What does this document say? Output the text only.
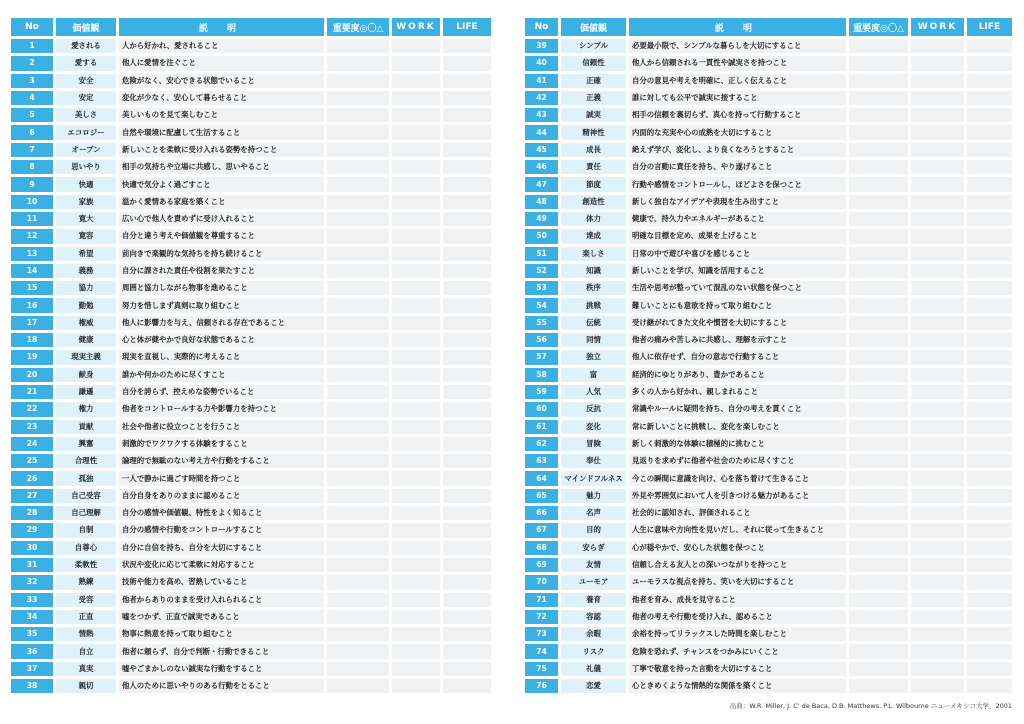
No	価値観	説 明	重要度◎〇△	WORK	LIFE
1	愛される	人から好かれ、愛されること			
2	愛する	他人に愛情を注ぐこと			
3	安全	危険がなく、安心できる状態でいること			
4	安定	変化が少なく、安心して暮らせること			
5	美しさ	美しいものを見て楽しむこと			
6	エコロジー	自然や環境に配慮して生活すること			
7	オープン	新しいことを柔軟に受け入れる姿勢を持つこと			
8	思いやり	相手の気持ちや立場に共感し、思いやること			
9	快適	快適で気分よく過ごすこと			
10	家族	温かく愛情ある家庭を築くこと			
11	寛大	広い心で他人を責めずに受け入れること			
12	寛容	自分と違う考えや価値観を尊重すること			
13	希望	前向きで楽観的な気持ちを持ち続けること			
14	義務	自分に課された責任や役割を果たすこと			
15	協力	周囲と協力しながら物事を進めること			
16	勤勉	努力を惜しまず真剣に取り組むこと			
17	権威	他人に影響力を与え、信頼される存在であること			
18	健康	心と体が健やかで良好な状態であること			
19	現実主義	現実を直視し、実際的に考えること			
20	献身	誰かや何かのために尽くすこと			
21	謙遜	自分を誇らず、控えめな姿勢でいること			
22	権力	他者をコントロールする力や影響力を持つこと			
23	貢献	社会や他者に役立つことを行うこと			
24	興奮	刺激的でワクワクする体験をすること			
25	合理性	論理的で無駄のない考え方や行動をすること			
26	孤独	一人で静かに過ごす時間を持つこと			
27	自己受容	自分自身をありのままに認めること			
28	自己理解	自分の感情や価値観、特性をよく知ること			
29	自制	自分の感情や行動をコントロールすること			
30	自尊心	自分に自信を持ち、自分を大切にすること			
31	柔軟性	状況や変化に応じて柔軟に対応すること			
32	熟練	技術や能力を高め、習熟していること			
33	受容	他者からありのままを受け入れられること			
34	正直	嘘をつかず、正直で誠実であること			
35	情熱	物事に熱意を持って取り組むこと			
36	自立	他者に頼らず、自分で判断・行動できること			
37	真実	嘘やごまかしのない誠実な行動をすること			
38	親切	他人のために思いやりのある行動をとること			
No	価値観	説 明	重要度◎〇△	WORK	LIFE
39	シンプル	必要最小限で、シンプルな暮らしを大切にすること			
40	信頼性	他人から信頼される一貫性や誠実さを持つこと			
41	正確	自分の意見や考えを明確に、正しく伝えること			
42	正義	誰に対しても公平で誠実に接すること			
43	誠実	相手の信頼を裏切らず、真心を持って行動すること			
44	精神性	内面的な充実や心の成熟を大切にすること			
45	成長	絶えず学び、変化し、より良くなろうとすること			
46	責任	自分の言動に責任を持ち、やり遂げること			
47	節度	行動や感情をコントロールし、ほどよさを保つこと			
48	創造性	新しく独自なアイデアや表現を生み出すこと			
49	体力	健康で、持久力やエネルギーがあること			
50	達成	明確な目標を定め、成果を上げること			
51	楽しさ	日常の中で遊びや喜びを感じること			
52	知識	新しいことを学び、知識を活用すること			
53	秩序	生活や思考が整っていて混乱のない状態を保つこと			
54	挑戦	難しいことにも意欲を持って取り組むこと			
55	伝統	受け継がれてきた文化や慣習を大切にすること			
56	同情	他者の痛みや苦しみに共感し、理解を示すこと			
57	独立	他人に依存せず、自分の意志で行動すること			
58	富	経済的にゆとりがあり、豊かであること			
59	人気	多くの人から好かれ、親しまれること			
60	反抗	常識やルールに疑問を持ち、自分の考えを貫くこと			
61	変化	常に新しいことに挑戦し、変化を楽しむこと			
62	冒険	新しく刺激的な体験に積極的に挑むこと			
63	奉仕	見返りを求めずに他者や社会のために尽くすこと			
64	マインドフルネス	今この瞬間に意識を向け、心を落ち着けて生きること			
65	魅力	外見や雰囲気において人を引きつける魅力があること			
66	名声	社会的に認知され、評価されること			
67	目的	人生に意味や方向性を見いだし、それに従って生きること			
68	安らぎ	心が穏やかで、安心した状態を保つこと			
69	友情	信頼し合える友人との深いつながりを持つこと			
70	ユーモア	ユーモラスな視点を持ち、笑いを大切にすること			
71	養育	他者を育み、成長を見守ること			
72	容認	他者の考えや行動を受け入れ、認めること			
73	余暇	余裕を持ってリラックスした時間を楽しむこと			
74	リスク	危険を恐れず、チャンスをつかみにいくこと			
75	礼儀	丁寧で敬意を持った言動を大切にすること			
76	恋愛	心ときめくような情熱的な関係を築くこと			
出典：W.R. Miller, J. C' de Baca, D.B. Matthews, P.L. Wilbourne ニューメキシコ大学，2001
